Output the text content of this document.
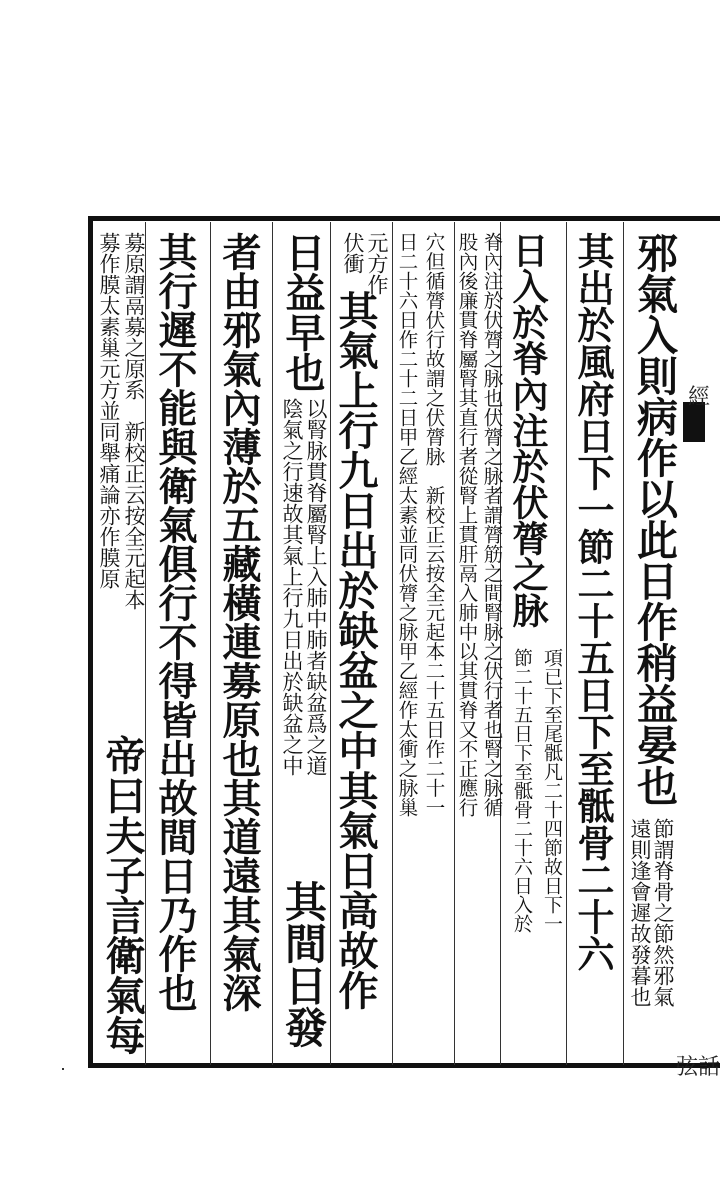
邪氣入則病作以此日作稍益晏也
節謂脊骨之節然邪氣
遠則逢會遲故發暮也
其出於風府日下一節二十五日下至骶骨二十六
項已下至尾骶凡二十四節故日下一
節二十五日下至骶骨二十六日入於
日入於脊內注於伏膂之脉
脊內注於伏膂之脉也伏膂之脉者謂膂筋之間腎脉之伏行者也腎之脉循
股內後廉貫脊屬腎其直行者從腎上貫肝鬲入肺中以其貫脊又不正應行
穴但循膂伏行故謂之伏膂脉　新校正云按全元起本二十五日作二十一
日二十六日作二十二日甲乙經太素並同伏膂之脉甲乙經作太衝之脉巢
元方作
伏衝
其氣上行九日出於缺盆之中其氣日高故作
日益早也
以腎脉貫脊屬腎上入肺中肺者缺盆爲之道
陰氣之行速故其氣上行九日出於缺盆之中
其間日發
者由邪氣內薄於五藏橫連募原也其道遠其氣深
其行遲不能與衛氣俱行不得皆出故間日乃作也
募原謂鬲募之原系　新校正云按全元起本
募作膜太素巢元方並同舉痛論亦作膜原
帝曰夫子言衛氣每
經
弦 話
